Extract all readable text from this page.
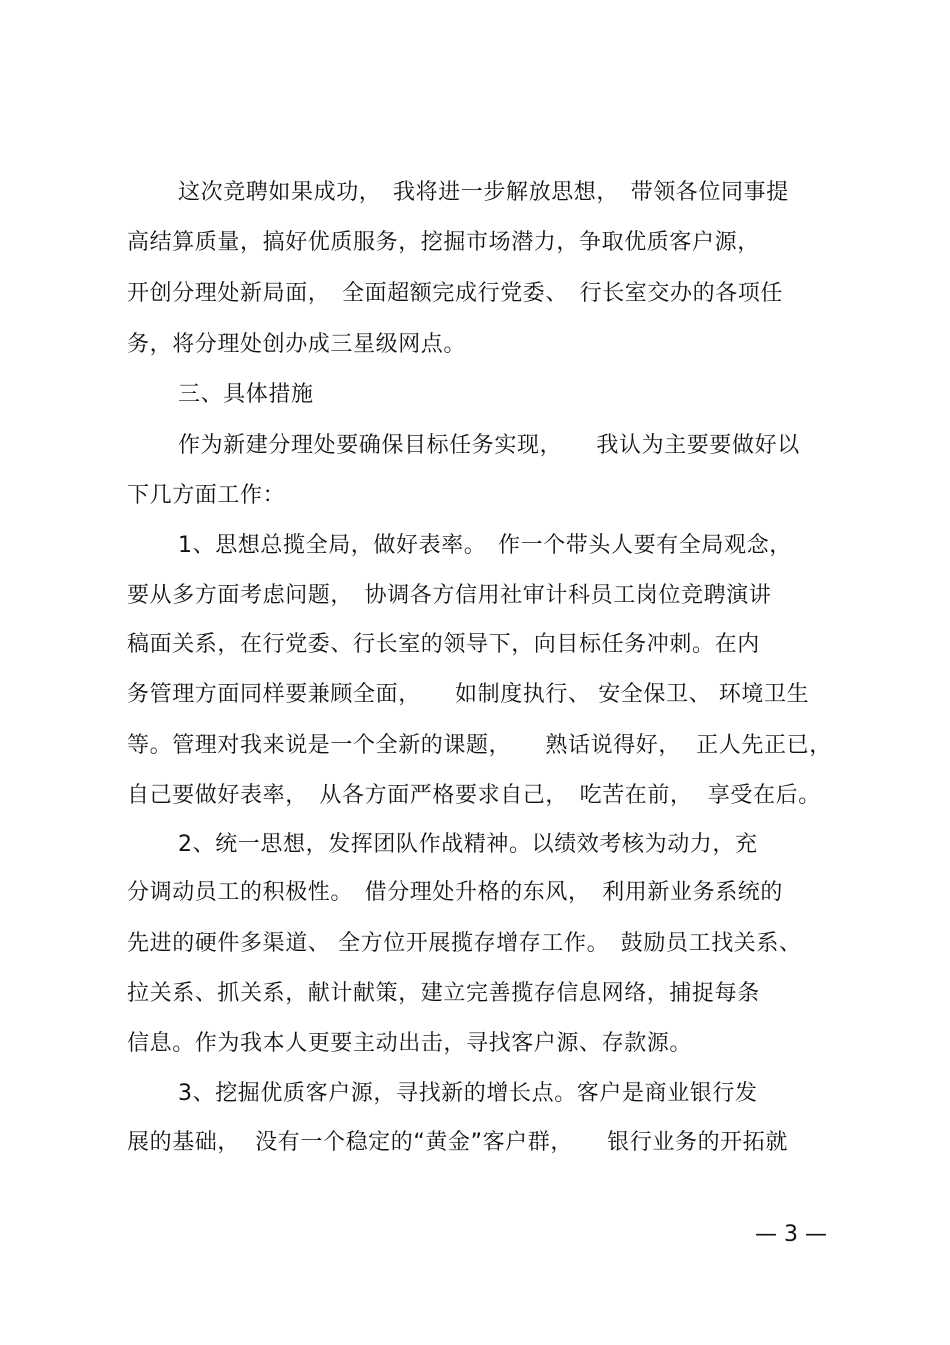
这次竞聘如果成功，　我将进一步解放思想，　带领各位同事提
高结算质量，搞好优质服务，挖掘市场潜力，争取优质客户源，
开创分理处新局面，　全面超额完成行党委、　行长室交办的各项任
务，将分理处创办成三星级网点。
三、具体措施
作为新建分理处要确保目标任务实现，　　我认为主要要做好以
下几方面工作：
1、思想总揽全局，做好表率。　作一个带头人要有全局观念，
要从多方面考虑问题，　协调各方信用社审计科员工岗位竞聘演讲
稿面关系，在行党委、行长室的领导下，向目标任务冲刺。在内
务管理方面同样要兼顾全面，　　如制度执行、 安全保卫、 环境卫生
等。管理对我来说是一个全新的课题，　　熟话说得好，  正人先正已，
自己要做好表率，　从各方面严格要求自己，　吃苦在前，  享受在后。
2、统一思想，发挥团队作战精神。以绩效考核为动力，充
分调动员工的积极性。　借分理处升格的东风，　利用新业务系统的
先进的硬件多渠道、 全方位开展揽存增存工作。　鼓励员工找关系、
拉关系、抓关系，献计献策，建立完善揽存信息网络，捕捉每条
信息。作为我本人更要主动出击，寻找客户源、存款源。
3、挖掘优质客户源，寻找新的增长点。客户是商业银行发
展的基础，  没有一个稳定的“黄金”客户群，　　银行业务的开拓就
— 3 —
